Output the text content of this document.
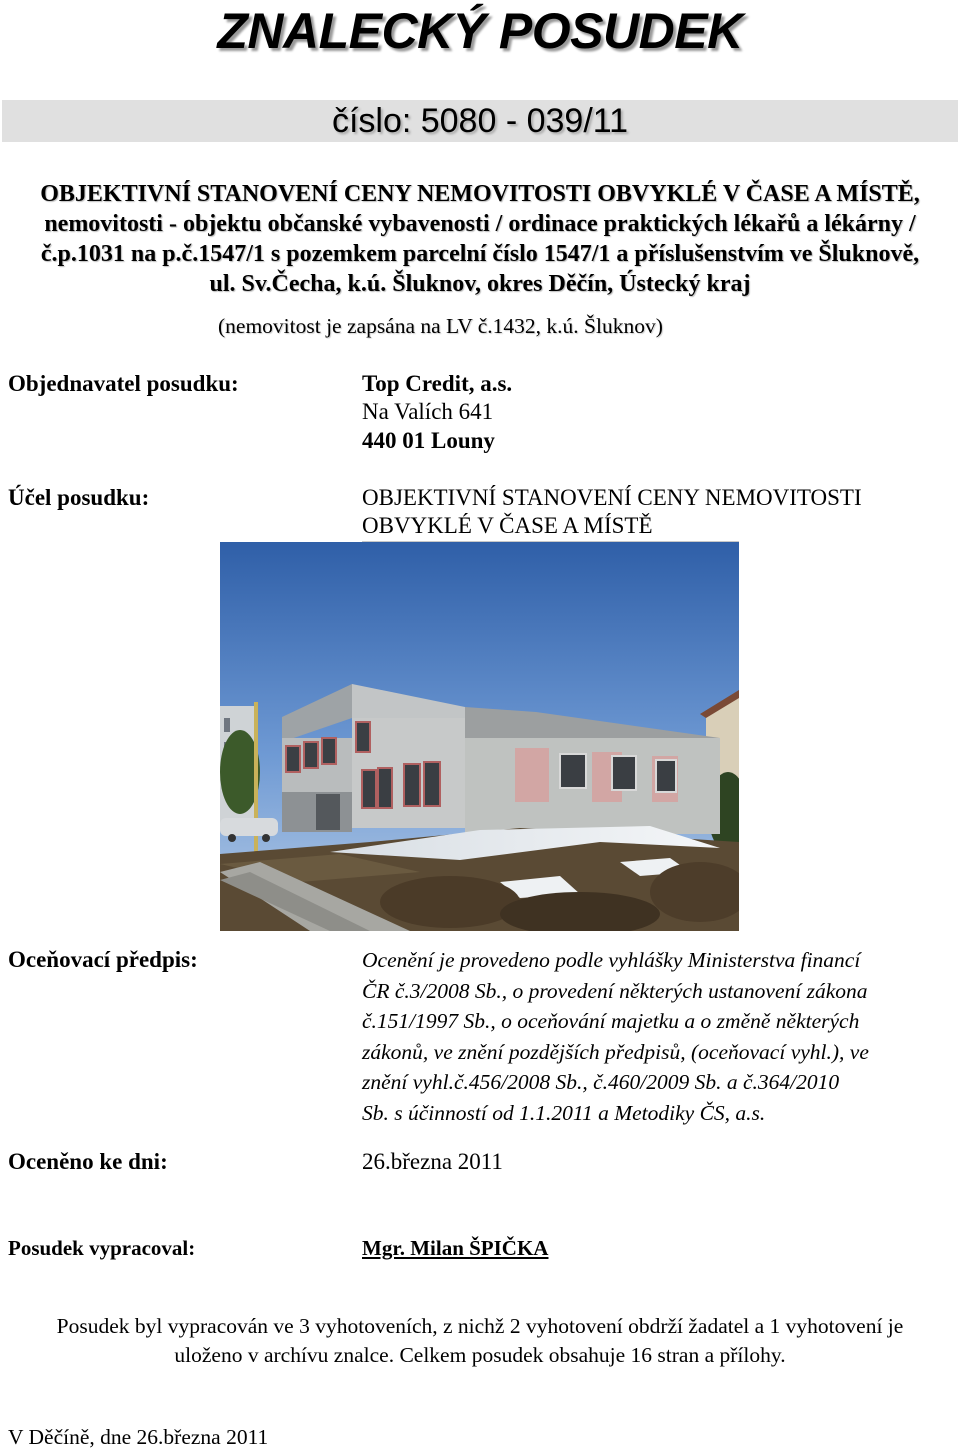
ZNALECKÝ POSUDEK
číslo: 5080 - 039/11
OBJEKTIVNÍ STANOVENÍ CENY NEMOVITOSTI OBVYKLÉ V ČASE A MÍSTĚ,
nemovitosti - objektu občanské vybavenosti / ordinace praktických lékařů a lékárny /
č.p.1031 na p.č.1547/1 s pozemkem parcelní číslo 1547/1 a příslušenstvím ve Šluknově,
ul. Sv.Čecha, k.ú. Šluknov, okres Děčín, Ústecký kraj
(nemovitost je zapsána na LV č.1432, k.ú. Šluknov)
Objednavatel posudku:	Top Credit, a.s.
Na Valích 641
440 01 Louny
Účel posudku:	OBJEKTIVNÍ STANOVENÍ CENY NEMOVITOSTI
OBVYKLÉ V ČASE A MÍSTĚ
Oceňovací předpis:	Ocenění je provedeno podle vyhlášky Ministerstva financí
ČR č.3/2008 Sb., o provedení některých ustanovení zákona
č.151/1997 Sb., o oceňování majetku a o změně některých
zákonů, ve znění pozdějších předpisů, (oceňovací vyhl.), ve
znění vyhl.č.456/2008 Sb., č.460/2009 Sb. a č.364/2010
Sb. s účinností od 1.1.2011 a Metodiky ČS, a.s.
Oceněno ke dni:	26.března 2011
Posudek vypracoval:	Mgr. Milan ŠPIČKA
Posudek byl vypracován ve 3 vyhotoveních, z nichž 2 vyhotovení obdrží žadatel a 1 vyhotovení je
uloženo v archívu znalce. Celkem posudek obsahuje 16 stran a přílohy.
V Děčíně, dne 26.března 2011
